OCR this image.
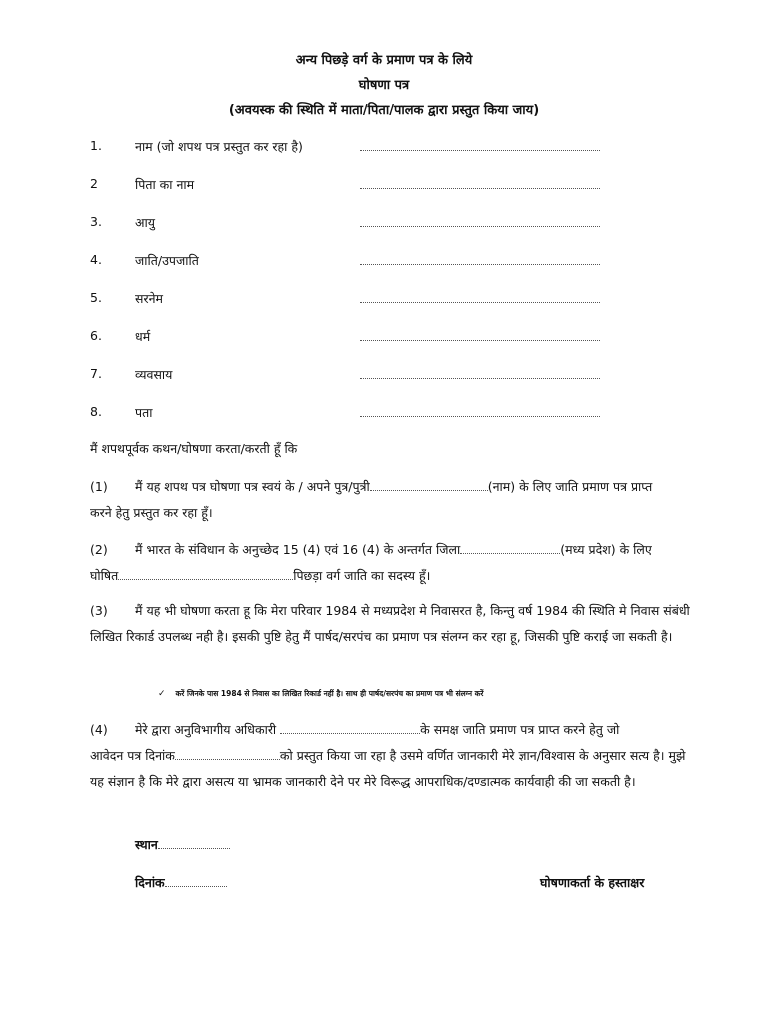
अन्य पिछड़े वर्ग के प्रमाण पत्र के लिये
घोषणा पत्र
(अवयस्क की स्थिति में माता/पिता/पालक द्वारा प्रस्तुत किया जाय)
1.	नाम (जो शपथ पत्र प्रस्तुत कर रहा है)
2	पिता का नाम
3.	आयु
4.	जाति/उपजाति
5.	सरनेम
6.	धर्म
7.	व्यवसाय
8.	पता
मैं शपथपूर्वक कथन/घोषणा करता/करती हूँ कि
(1) मैं यह शपथ पत्र घोषणा पत्र स्वयं के / अपने पुत्र/पुत्री	(नाम) के लिए जाति प्रमाण पत्र प्राप्त
करने हेतु प्रस्तुत कर रहा हूँ।
(2) मैं भारत के संविधान के अनुच्छेद 15 (4) एवं 16 (4) के अन्तर्गत जिला	(मध्य प्रदेश) के लिए
घोषित	पिछड़ा वर्ग जाति का सदस्य हूँ।
(3) मैं यह भी घोषणा करता हू कि मेरा परिवार 1984 से मध्यप्रदेश मे निवासरत है, किन्तु वर्ष 1984 की स्थिति मे निवास संबंधी लिखित रिकार्ड उपलब्ध नही है। इसकी पुष्टि हेतु मैं पार्षद/सरपंच का प्रमाण पत्र संलग्न कर रहा हू, जिसकी पुष्टि कराई जा सकती है।
✓ करें जिनके पास 1984 से निवास का लिखित रिकार्ड नहीं है। साथ ही पार्षद/सरपंच का प्रमाण पत्र भी संलग्न करें
(4) मेरे द्वारा अनुविभागीय अधिकारी	के समक्ष जाति प्रमाण पत्र प्राप्त करने हेतु जो
आवेदन पत्र दिनांक	को प्रस्तुत किया जा रहा है उसमे वर्णित जानकारी मेरे ज्ञान/विश्वास के अनुसार सत्य है। मुझे यह संज्ञान है कि मेरे द्वारा असत्य या भ्रामक जानकारी देने पर मेरे विरूद्ध आपराधिक/दण्डात्मक कार्यवाही की जा सकती है।
स्थान
दिनांक	घोषणाकर्ता के हस्ताक्षर
